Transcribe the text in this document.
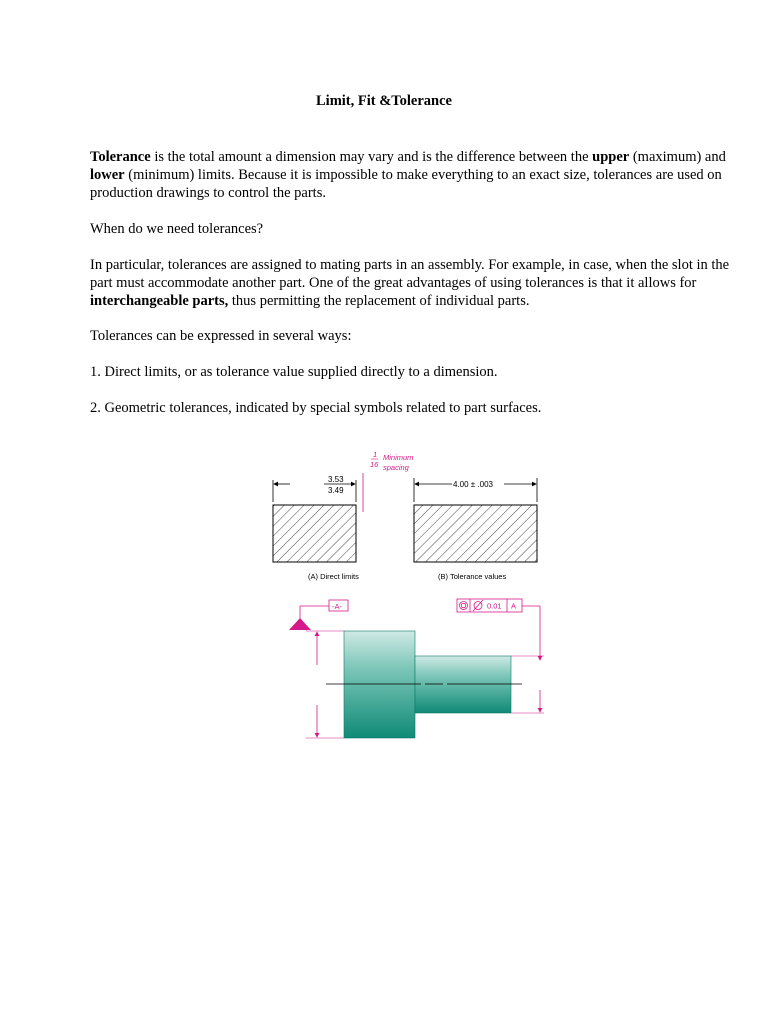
Limit, Fit &Tolerance

Tolerance is the total amount a dimension may vary and is the difference between the upper (maximum) and lower (minimum) limits. Because it is impossible to make everything to an exact size, tolerances are used on production drawings to control the parts.

When do we need tolerances?

In particular, tolerances are assigned to mating parts in an assembly. For example, in case, when the slot in the part must accommodate another part. One of the great advantages of using tolerances is that it allows for interchangeable parts, thus permitting the replacement of individual parts.

Tolerances can be expressed in several ways:

1. Direct limits, or as tolerance value supplied directly to a dimension.

2. Geometric tolerances, indicated by special symbols related to part surfaces.

1
16
Minimum
spacing
3.53
3.49
4.00 ± .003
(A) Direct limits	(B) Tolerance values
-A-	0.01 A
